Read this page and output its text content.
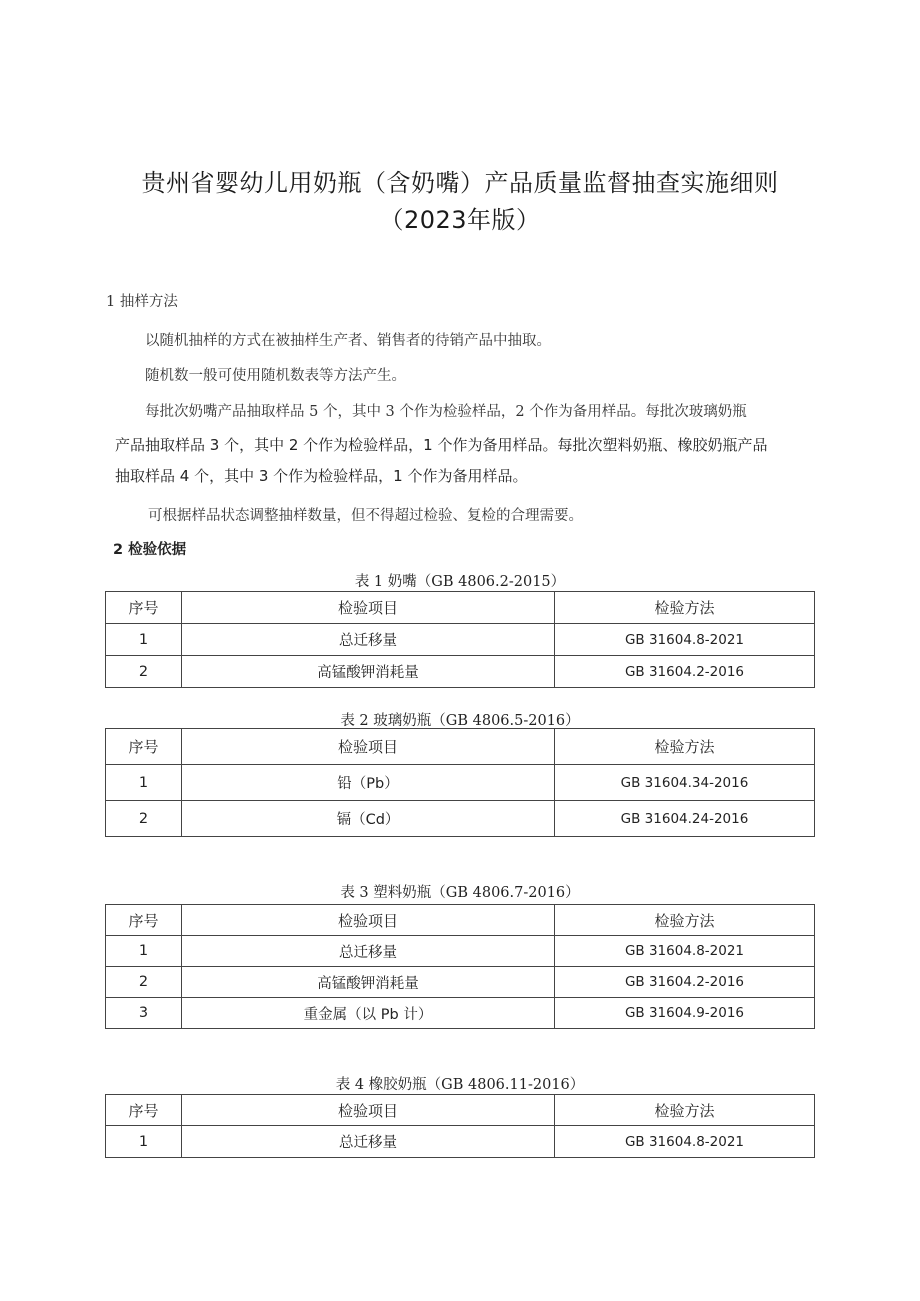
贵州省婴幼儿用奶瓶（含奶嘴）产品质量监督抽查实施细则
（2023年版）
1 抽样方法
以随机抽样的方式在被抽样生产者、销售者的待销产品中抽取。
随机数一般可使用随机数表等方法产生。
每批次奶嘴产品抽取样品 5 个，其中 3 个作为检验样品，2 个作为备用样品。每批次玻璃奶瓶
产品抽取样品 3 个，其中 2 个作为检验样品，1 个作为备用样品。每批次塑料奶瓶、橡胶奶瓶产品
抽取样品 4 个，其中 3 个作为检验样品，1 个作为备用样品。
可根据样品状态调整抽样数量，但不得超过检验、复检的合理需要。
2 检验依据
表 1 奶嘴（GB 4806.2-2015）
序号	检验项目	检验方法
1	总迁移量	GB 31604.8-2021
2	高锰酸钾消耗量	GB 31604.2-2016
表 2 玻璃奶瓶（GB 4806.5-2016）
序号	检验项目	检验方法
1	铅（Pb）	GB 31604.34-2016
2	镉（Cd）	GB 31604.24-2016
表 3 塑料奶瓶（GB 4806.7-2016）
序号	检验项目	检验方法
1	总迁移量	GB 31604.8-2021
2	高锰酸钾消耗量	GB 31604.2-2016
3	重金属（以 Pb 计）	GB 31604.9-2016
表 4 橡胶奶瓶（GB 4806.11-2016）
序号	检验项目	检验方法
1	总迁移量	GB 31604.8-2021
